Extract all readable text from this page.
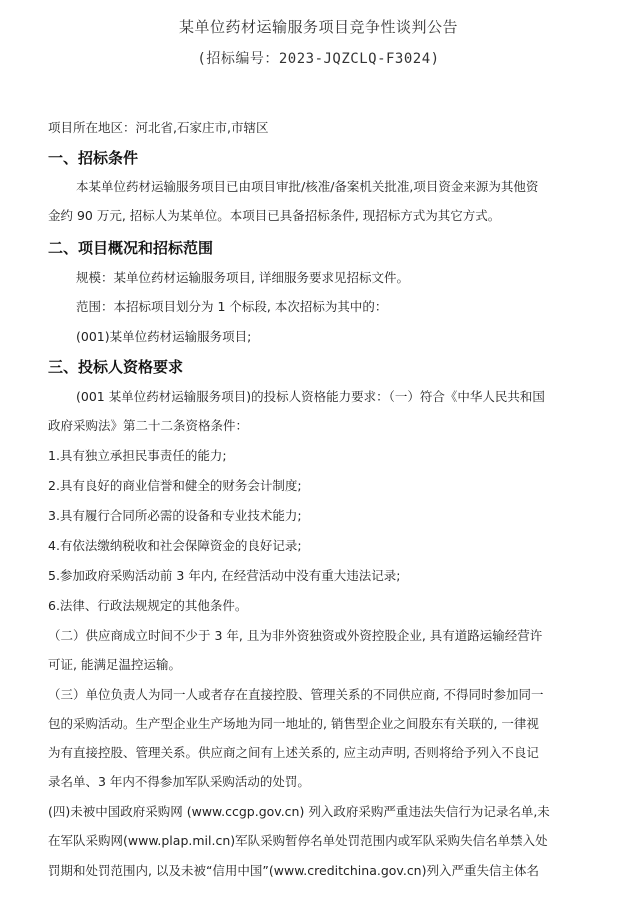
某单位药材运输服务项目竞争性谈判公告
(招标编号：2023-JQZCLQ-F3024)
项目所在地区：河北省,石家庄市,市辖区
一、招标条件
本某单位药材运输服务项目已由项目审批/核准/备案机关批准,项目资金来源为其他资
金约 90 万元, 招标人为某单位。本项目已具备招标条件, 现招标方式为其它方式。
二、项目概况和招标范围
规模：某单位药材运输服务项目, 详细服务要求见招标文件。
范围：本招标项目划分为 1 个标段, 本次招标为其中的：
(001)某单位药材运输服务项目;
三、投标人资格要求
(001 某单位药材运输服务项目)的投标人资格能力要求：（一）符合《中华人民共和国
政府采购法》第二十二条资格条件：
1.具有独立承担民事责任的能力;
2.具有良好的商业信誉和健全的财务会计制度;
3.具有履行合同所必需的设备和专业技术能力;
4.有依法缴纳税收和社会保障资金的良好记录;
5.参加政府采购活动前 3 年内, 在经营活动中没有重大违法记录;
6.法律、行政法规规定的其他条件。
（二）供应商成立时间不少于 3 年, 且为非外资独资或外资控股企业, 具有道路运输经营许
可证, 能满足温控运输。
（三）单位负责人为同一人或者存在直接控股、管理关系的不同供应商, 不得同时参加同一
包的采购活动。生产型企业生产场地为同一地址的, 销售型企业之间股东有关联的, 一律视
为有直接控股、管理关系。供应商之间有上述关系的, 应主动声明, 否则将给予列入不良记
录名单、3 年内不得参加军队采购活动的处罚。
(四)未被中国政府采购网 (www.ccgp.gov.cn) 列入政府采购严重违法失信行为记录名单,未
在军队采购网(www.plap.mil.cn)军队采购暂停名单处罚范围内或军队采购失信名单禁入处
罚期和处罚范围内, 以及未被“信用中国”(www.creditchina.gov.cn)列入严重失信主体名
